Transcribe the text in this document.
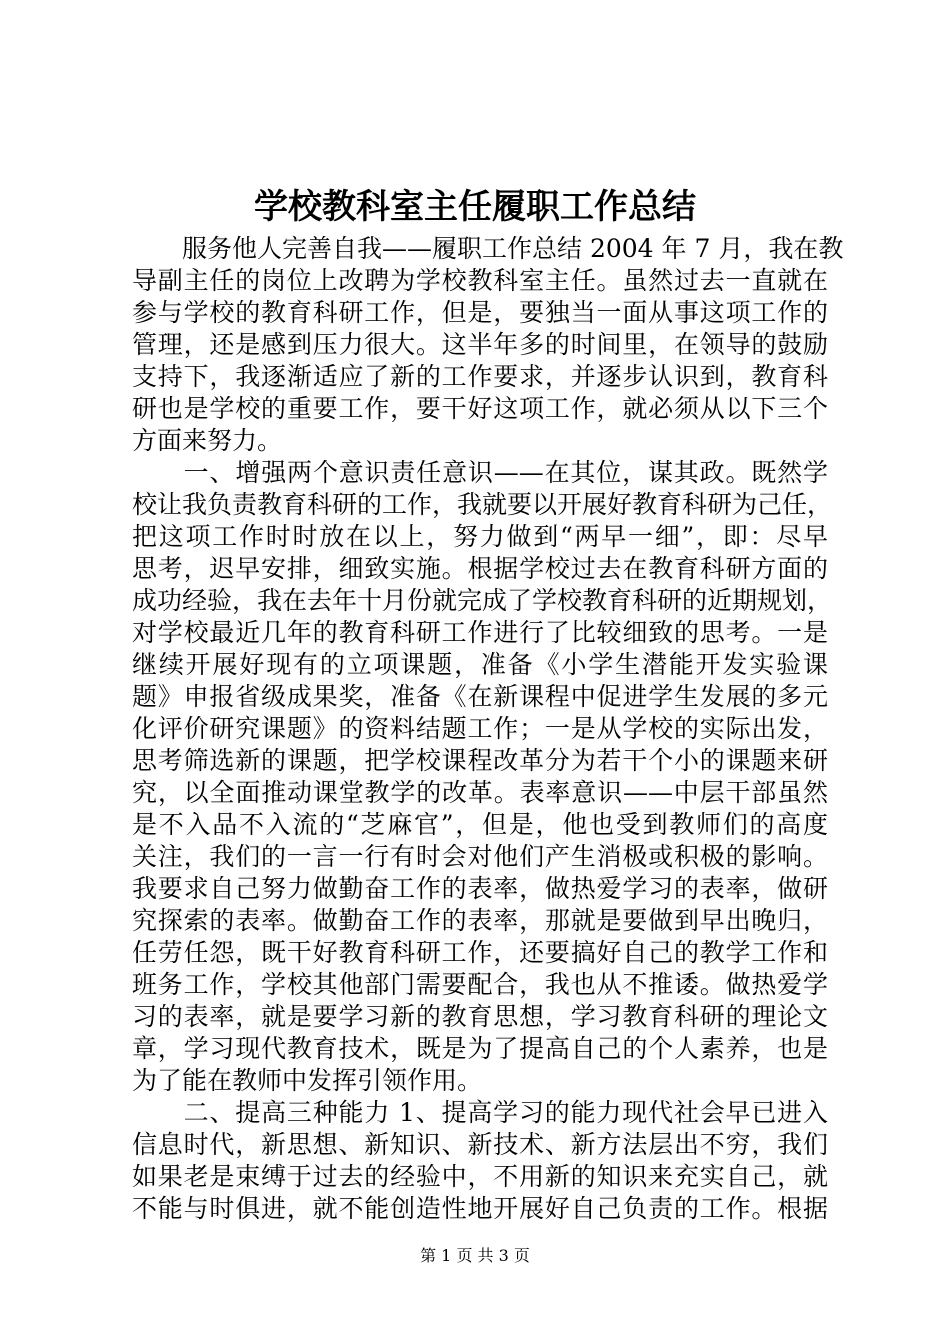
学校教科室主任履职工作总结
　　服务他人完善自我——履职工作总结 2004 年 7 月，我在教
导副主任的岗位上改聘为学校教科室主任。虽然过去一直就在
参与学校的教育科研工作，但是，要独当一面从事这项工作的
管理，还是感到压力很大。这半年多的时间里，在领导的鼓励
支持下，我逐渐适应了新的工作要求，并逐步认识到，教育科
研也是学校的重要工作，要干好这项工作，就必须从以下三个
方面来努力。
　　一、增强两个意识责任意识——在其位，谋其政。既然学
校让我负责教育科研的工作，我就要以开展好教育科研为己任，
把这项工作时时放在以上，努力做到“两早一细”，即：尽早
思考，迟早安排，细致实施。根据学校过去在教育科研方面的
成功经验，我在去年十月份就完成了学校教育科研的近期规划，
对学校最近几年的教育科研工作进行了比较细致的思考。一是
继续开展好现有的立项课题，准备《小学生潜能开发实验课
题》申报省级成果奖，准备《在新课程中促进学生发展的多元
化评价研究课题》的资料结题工作；一是从学校的实际出发，
思考筛选新的课题，把学校课程改革分为若干个小的课题来研
究，以全面推动课堂教学的改革。表率意识——中层干部虽然
是不入品不入流的“芝麻官”，但是，他也受到教师们的高度
关注，我们的一言一行有时会对他们产生消极或积极的影响。
我要求自己努力做勤奋工作的表率，做热爱学习的表率，做研
究探索的表率。做勤奋工作的表率，那就是要做到早出晚归，
任劳任怨，既干好教育科研工作，还要搞好自己的教学工作和
班务工作，学校其他部门需要配合，我也从不推诿。做热爱学
习的表率，就是要学习新的教育思想，学习教育科研的理论文
章，学习现代教育技术，既是为了提高自己的个人素养，也是
为了能在教师中发挥引领作用。
　　二、提高三种能力 1、提高学习的能力现代社会早已进入
信息时代，新思想、新知识、新技术、新方法层出不穷，我们
如果老是束缚于过去的经验中，不用新的知识来充实自己，就
不能与时俱进，就不能创造性地开展好自己负责的工作。根据
第 1 页 共 3 页
